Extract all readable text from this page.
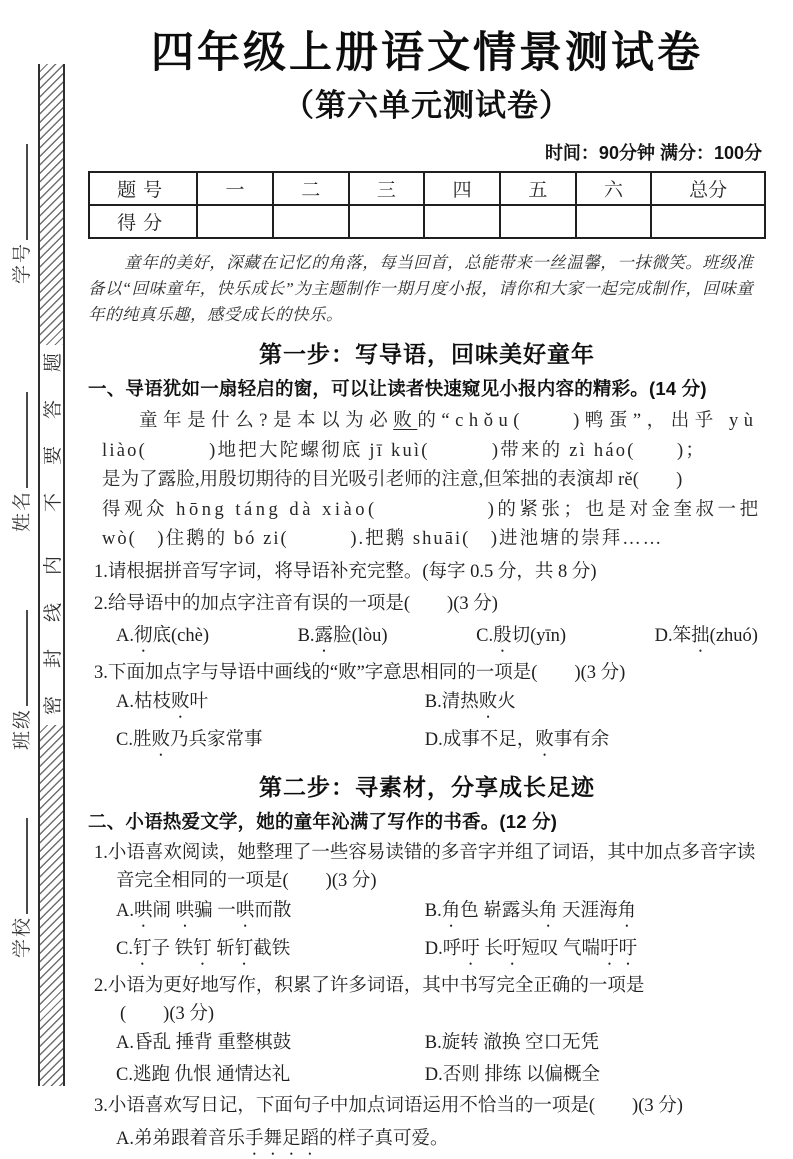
学号
姓名
班级
学校
题
答
要
不
内
线
封
密
四年级上册语文情景测试卷
（第六单元测试卷）
时间：90分钟 满分：100分
题号	一	二	三	四	五	六	总分
得分							

童年的美好，深藏在记忆的角落，每当回首，总能带来一丝温馨，一抹微笑。班级准备以“回味童年，快乐成长”为主题制作一期月度小报，请你和大家一起完成制作，回味童年的纯真乐趣，感受成长的快乐。

第一步：写导语，回味美好童年
一、导语犹如一扇轻启的窗，可以让读者快速窥见小报内容的精彩。(14 分)

童年是什么?是本以为必败的“chǒu(　　)鸭蛋”，出乎 yù

liào(　　　)地把大陀螺彻底 jī kuì(　　　)带来的 zì háo(　　)；

是为了露脸,用殷切期待的目光吸引老师的注意,但笨拙的表演却 rě(　　)

得观众 hōng táng dà xiào(　　　　　)的紧张；也是对金奎叔一把

wò(　)住鹅的 bó zi(　　　).把鹅 shuāi(　)进池塘的崇拜……

1.请根据拼音写字词，将导语补充完整。(每字 0.5 分，共 8 分)

2.给导语中的加点字注音有误的一项是(　　)(3 分)

A.彻底(chè)	B.露脸(lòu)	C.殷切(yīn)	D.笨拙(zhuó)

3.下面加点字与导语中画线的“败”字意思相同的一项是(　　)(3 分)

A.枯枝败叶	B.清热败火
C.胜败乃兵家常事	D.成事不足，败事有余
第二步：寻素材，分享成长足迹
二、小语热爱文学，她的童年沁满了写作的书香。(12 分)

1.小语喜欢阅读，她整理了一些容易读错的多音字并组了词语，其中加点多音字读音完全相同的一项是(　　)(3 分)

A.哄闹 哄骗 一哄而散	B.角色 崭露头角 天涯海角
C.钉子 铁钉 斩钉截铁	D.呼吁 长吁短叹 气喘吁吁

2.小语为更好地写作，积累了许多词语，其中书写完全正确的一项是
(　　)(3 分)

A.昏乱 捶背 重整棋鼓	B.旋转 澈换 空口无凭
C.逃跑 仇恨 通情达礼	D.否则 排练 以偏概全

3.小语喜欢写日记，下面句子中加点词语运用不恰当的一项是(　　)(3 分)

A.弟弟跟着音乐手舞足蹈的样子真可爱。
